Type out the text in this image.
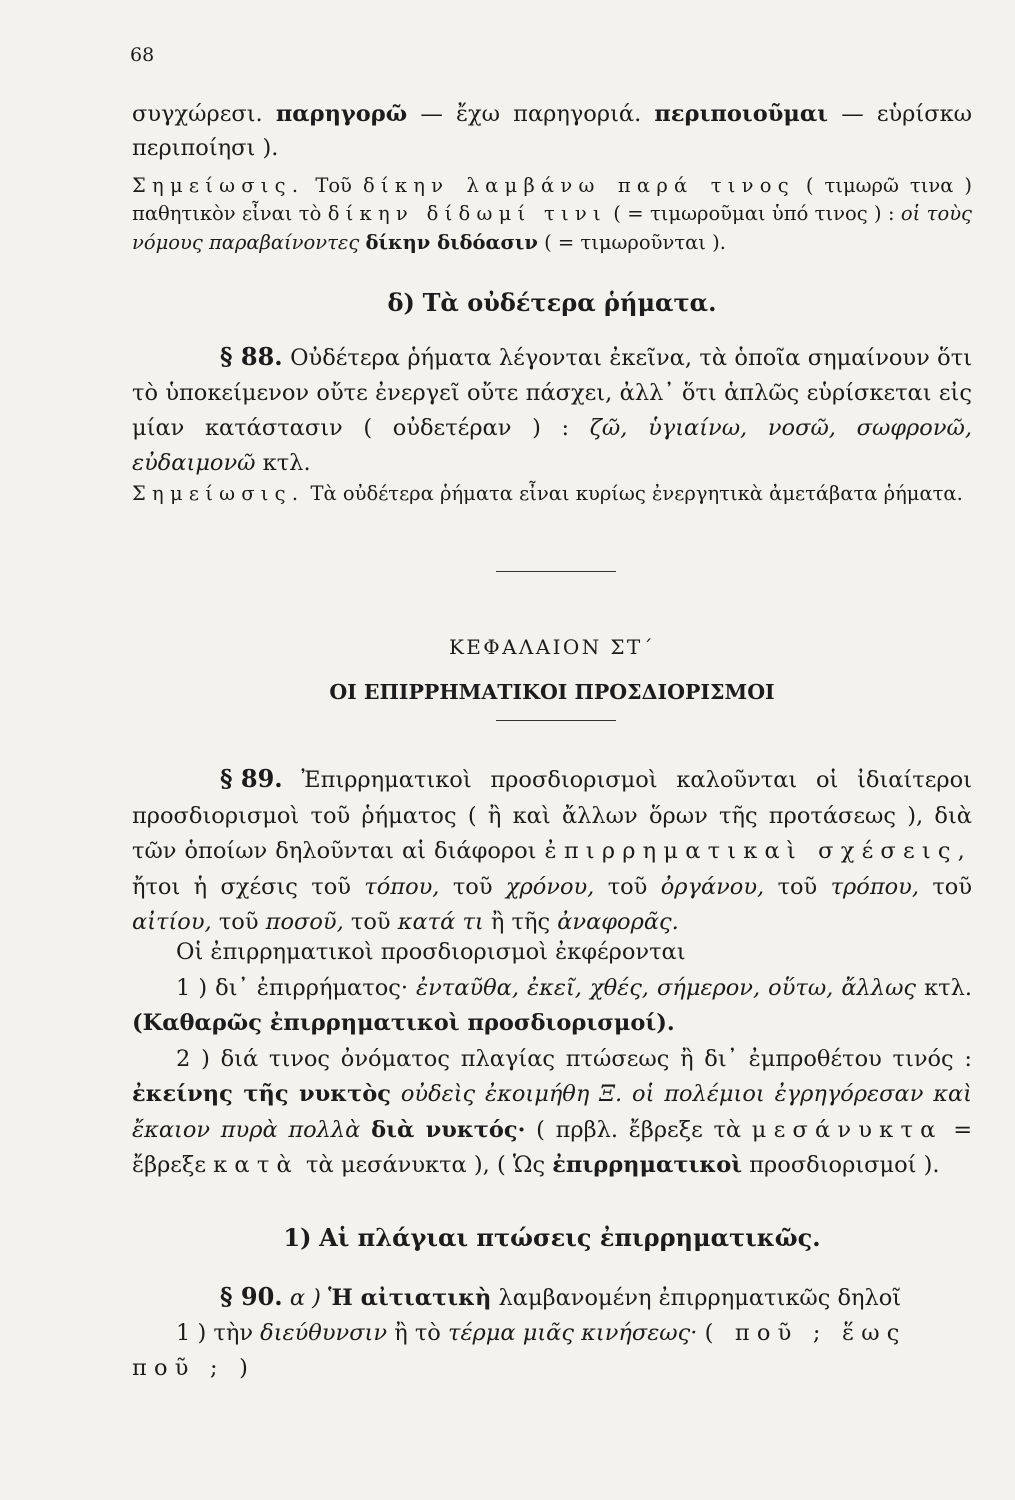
68

συγχώρεσι. παρηγορῶ — ἔχω παρηγοριά. περιποιοῦμαι — εὑρίσκω

περιποίησι ).

Σημείωσις. Τοῦ δίκην λαμβάνω παρά τινος ( τιμωρῶ τινα ) παθητικὸν εἶναι τὸ δίκην δίδωμί τινι ( = τιμωροῦμαι ὑπό τινος ) : οἱ τοὺς νόμους παραβαίνοντες δίκην διδόασιν ( = τιμωροῦνται ).
δ) Τὰ οὐδέτερα ῥήματα.
§ 88. Οὐδέτερα ῥήματα λέγονται ἐκεῖνα, τὰ ὁποῖα σημαίνουν ὅτι τὸ ὑποκείμενον οὔτε ἐνεργεῖ οὔτε πάσχει, ἀλλ᾽ ὅτι ἁπλῶς εὑρίσκεται εἰς μίαν κατάστασιν ( οὐδετέραν ) : ζῶ, ὑγιαίνω, νοσῶ, σωφρονῶ, εὐδαιμονῶ κτλ.
Σημείωσις. Τὰ οὐδέτερα ῥήματα εἶναι κυρίως ἐνεργητικὰ ἀμετάβατα ῥήματα.
ΚΕΦΑΛΑΙΟΝ ΣΤ΄
ΟΙ ΕΠΙΡΡΗΜΑΤΙΚΟΙ ΠΡΟΣΔΙΟΡΙΣΜΟΙ
§ 89. Ἐπιρρηματικοὶ προσδιορισμοὶ καλοῦνται οἱ ἰδιαίτεροι προσδιορισμοὶ τοῦ ῥήματος ( ἢ καὶ ἄλλων ὅρων τῆς προτάσεως ), διὰ τῶν ὁποίων δηλοῦνται αἱ διάφοροι ἐπιρρηματικαὶ σχέσεις, ἤτοι ἡ σχέσις τοῦ τόπου, τοῦ χρόνου, τοῦ ὀργάνου, τοῦ τρόπου, τοῦ αἰτίου, τοῦ ποσοῦ, τοῦ κατά τι ἢ τῆς ἀναφορᾶς.

Οἱ ἐπιρρηματικοὶ προσδιορισμοὶ ἐκφέρονται

1 ) δι᾽ ἐπιρρήματος· ἐνταῦθα, ἐκεῖ, χθές, σήμερον, οὕτω, ἄλλως κτλ. (Καθαρῶς ἐπιρρηματικοὶ προσδιορισμοί).

2 ) διά τινος ὀνόματος πλαγίας πτώσεως ἢ δι᾽ ἐμπροθέτου τινός : ἐκείνης τῆς νυκτὸς οὐδεὶς ἐκοιμήθη Ξ. οἱ πολέμιοι ἐγρηγόρεσαν καὶ ἔκαιον πυρὰ πολλὰ διὰ νυκτός· ( πρβλ. ἔβρεξε τὰ μεσάνυκτα = ἔβρεξε κατὰ τὰ μεσάνυκτα ), ( Ὡς ἐπιρρηματικοὶ προσδιορισμοί ).

1) Αἱ πλάγιαι πτώσεις ἐπιρρηματικῶς.

§ 90. α ) Ἡ αἰτιατικὴ λαμβανομένη ἐπιρρηματικῶς δηλοῖ

1 ) τὴν διεύθυνσιν ἢ τὸ τέρμα μιᾶς κινήσεως· ( ποῦ ; ἕως ποῦ ; )
